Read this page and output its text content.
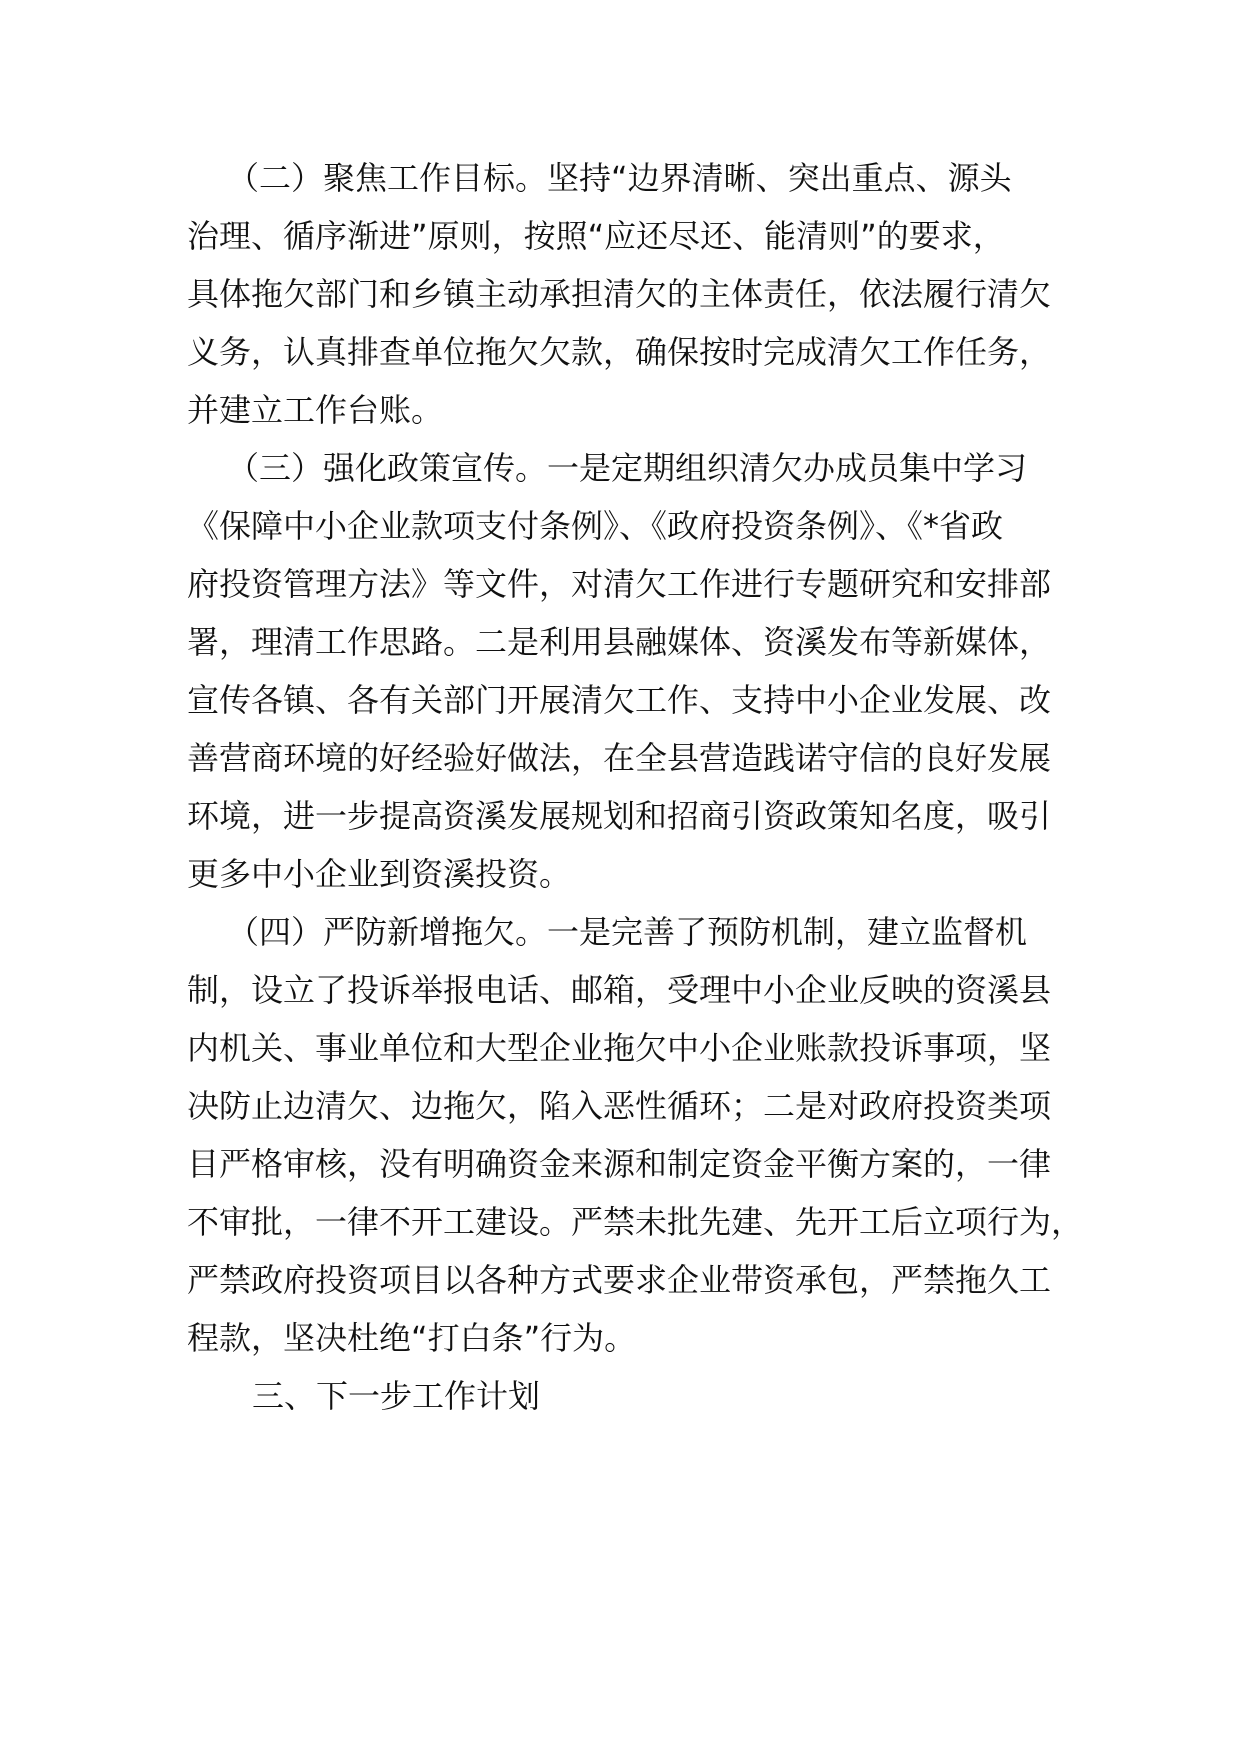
（二）聚焦工作目标。坚持“边界清晰、突出重点、源头
治理、循序渐进”原则，按照“应还尽还、能清则”的要求，
具体拖欠部门和乡镇主动承担清欠的主体责任，依法履行清欠
义务，认真排查单位拖欠欠款，确保按时完成清欠工作任务，
并建立工作台账。
（三）强化政策宣传。一是定期组织清欠办成员集中学习
《保障中小企业款项支付条例》、《政府投资条例》、《*省政
府投资管理方法》等文件，对清欠工作进行专题研究和安排部
署，理清工作思路。二是利用县融媒体、资溪发布等新媒体，
宣传各镇、各有关部门开展清欠工作、支持中小企业发展、改
善营商环境的好经验好做法，在全县营造践诺守信的良好发展
环境，进一步提高资溪发展规划和招商引资政策知名度，吸引
更多中小企业到资溪投资。
（四）严防新增拖欠。一是完善了预防机制，建立监督机
制，设立了投诉举报电话、邮箱，受理中小企业反映的资溪县
内机关、事业单位和大型企业拖欠中小企业账款投诉事项，坚
决防止边清欠、边拖欠，陷入恶性循环；二是对政府投资类项
目严格审核，没有明确资金来源和制定资金平衡方案的，一律
不审批，一律不开工建设。严禁未批先建、先开工后立项行为，
严禁政府投资项目以各种方式要求企业带资承包，严禁拖久工
程款，坚决杜绝“打白条”行为。
三、下一步工作计划
